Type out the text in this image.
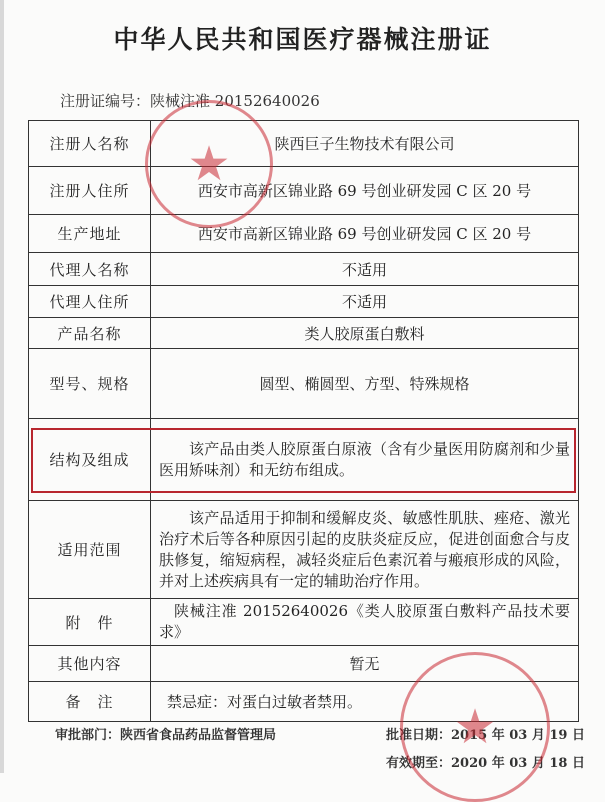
中华人民共和国医疗器械注册证
注册证编号：陕械注准 20152640026
注册人名称	陕西巨子生物技术有限公司
注册人住所	西安市高新区锦业路 69 号创业研发园 C 区 20 号
生产地址	西安市高新区锦业路 69 号创业研发园 C 区 20 号
代理人名称	不适用
代理人住所	不适用
产品名称	类人胶原蛋白敷料
型号、规格	圆型、椭圆型、方型、特殊规格
结构及组成	该产品由类人胶原蛋白原液（含有少量医用防腐剂和少量医用矫味剂）和无纺布组成。
适用范围	该产品适用于抑制和缓解皮炎、敏感性肌肤、痤疮、激光治疗术后等各种原因引起的皮肤炎症反应，促进创面愈合与皮肤修复，缩短病程，减轻炎症后色素沉着与瘢痕形成的风险，并对上述疾病具有一定的辅助治疗作用。
附　件	陕械注准 20152640026《类人胶原蛋白敷料产品技术要求》
其他内容	暂无
备　注	禁忌症：对蛋白过敏者禁用。
审批部门：陕西省食品药品监督管理局	批准日期：2015 年 03 月 19 日
有效期至：2020 年 03 月 18 日
★
★
